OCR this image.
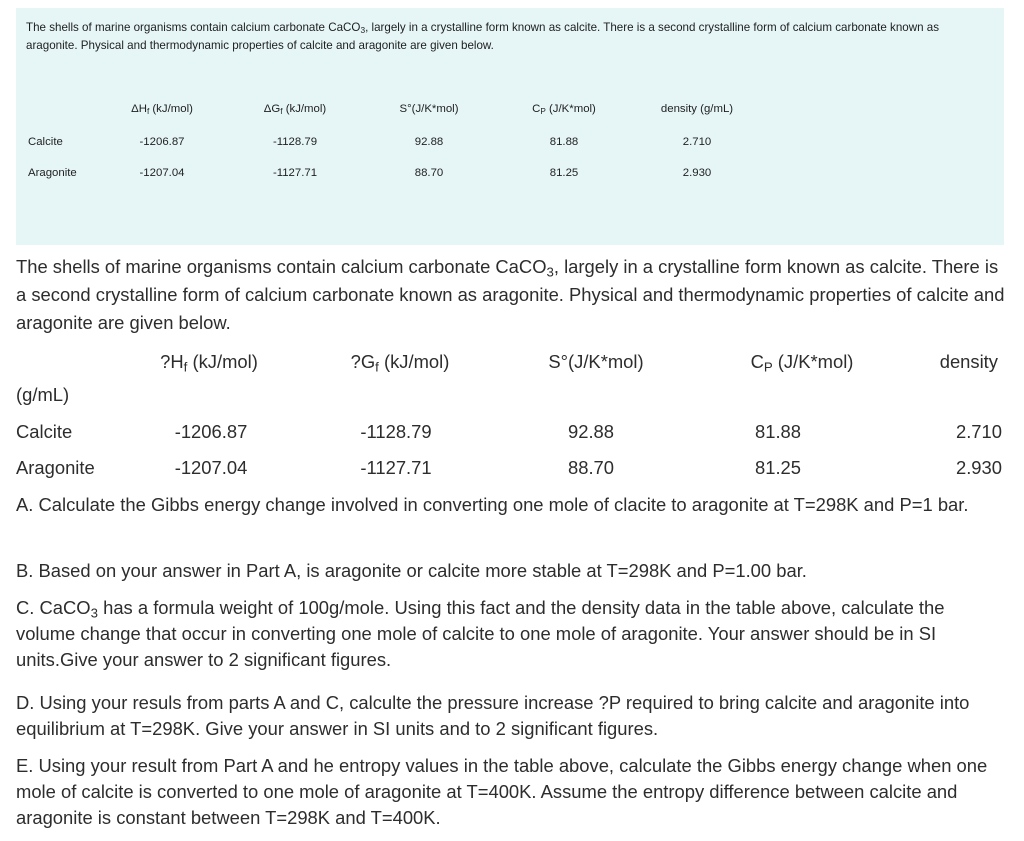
The shells of marine organisms contain calcium carbonate CaCO$_3$, largely in a crystalline form known as calcite. There is a second crystalline form of calcium carbonate known as aragonite. Physical and thermodynamic properties of calcite and aragonite are given below.
$\Delta H_f$ (kJ/mol)	$\Delta G_f$ (kJ/mol)	S°(J/K*mol)	$C_P$ (J/K*mol)	density (g/mL)
Calcite	-1206.87	-1128.79	92.88	81.88	2.710
Aragonite	-1207.04	-1127.71	88.70	81.25	2.930
The shells of marine organisms contain calcium carbonate CaCO$_3$, largely in a crystalline form known as calcite. There is a second crystalline form of calcium carbonate known as aragonite. Physical and thermodynamic properties of calcite and aragonite are given below.
$?H_f$ (kJ/mol)	$?G_f$ (kJ/mol)	S°(J/K*mol)	$C_P$ (J/K*mol)	density
(g/mL)
Calcite	-1206.87	-1128.79	92.88	81.88	2.710
Aragonite	-1207.04	-1127.71	88.70	81.25	2.930
A. Calculate the Gibbs energy change involved in converting one mole of clacite to aragonite at T=298K and P=1 bar.
B. Based on your answer in Part A, is aragonite or calcite more stable at T=298K and P=1.00 bar.
C. CaCO$_3$ has a formula weight of 100g/mole. Using this fact and the density data in the table above, calculate the volume change that occur in converting one mole of calcite to one mole of aragonite. Your answer should be in SI units.Give your answer to 2 significant figures.
D. Using your resuls from parts A and C, calculte the pressure increase ?P required to bring calcite and aragonite into equilibrium at T=298K. Give your answer in SI units and to 2 significant figures.
E. Using your result from Part A and he entropy values in the table above, calculate the Gibbs energy change when one mole of calcite is converted to one mole of aragonite at T=400K. Assume the entropy difference between calcite and aragonite is constant between T=298K and T=400K.
